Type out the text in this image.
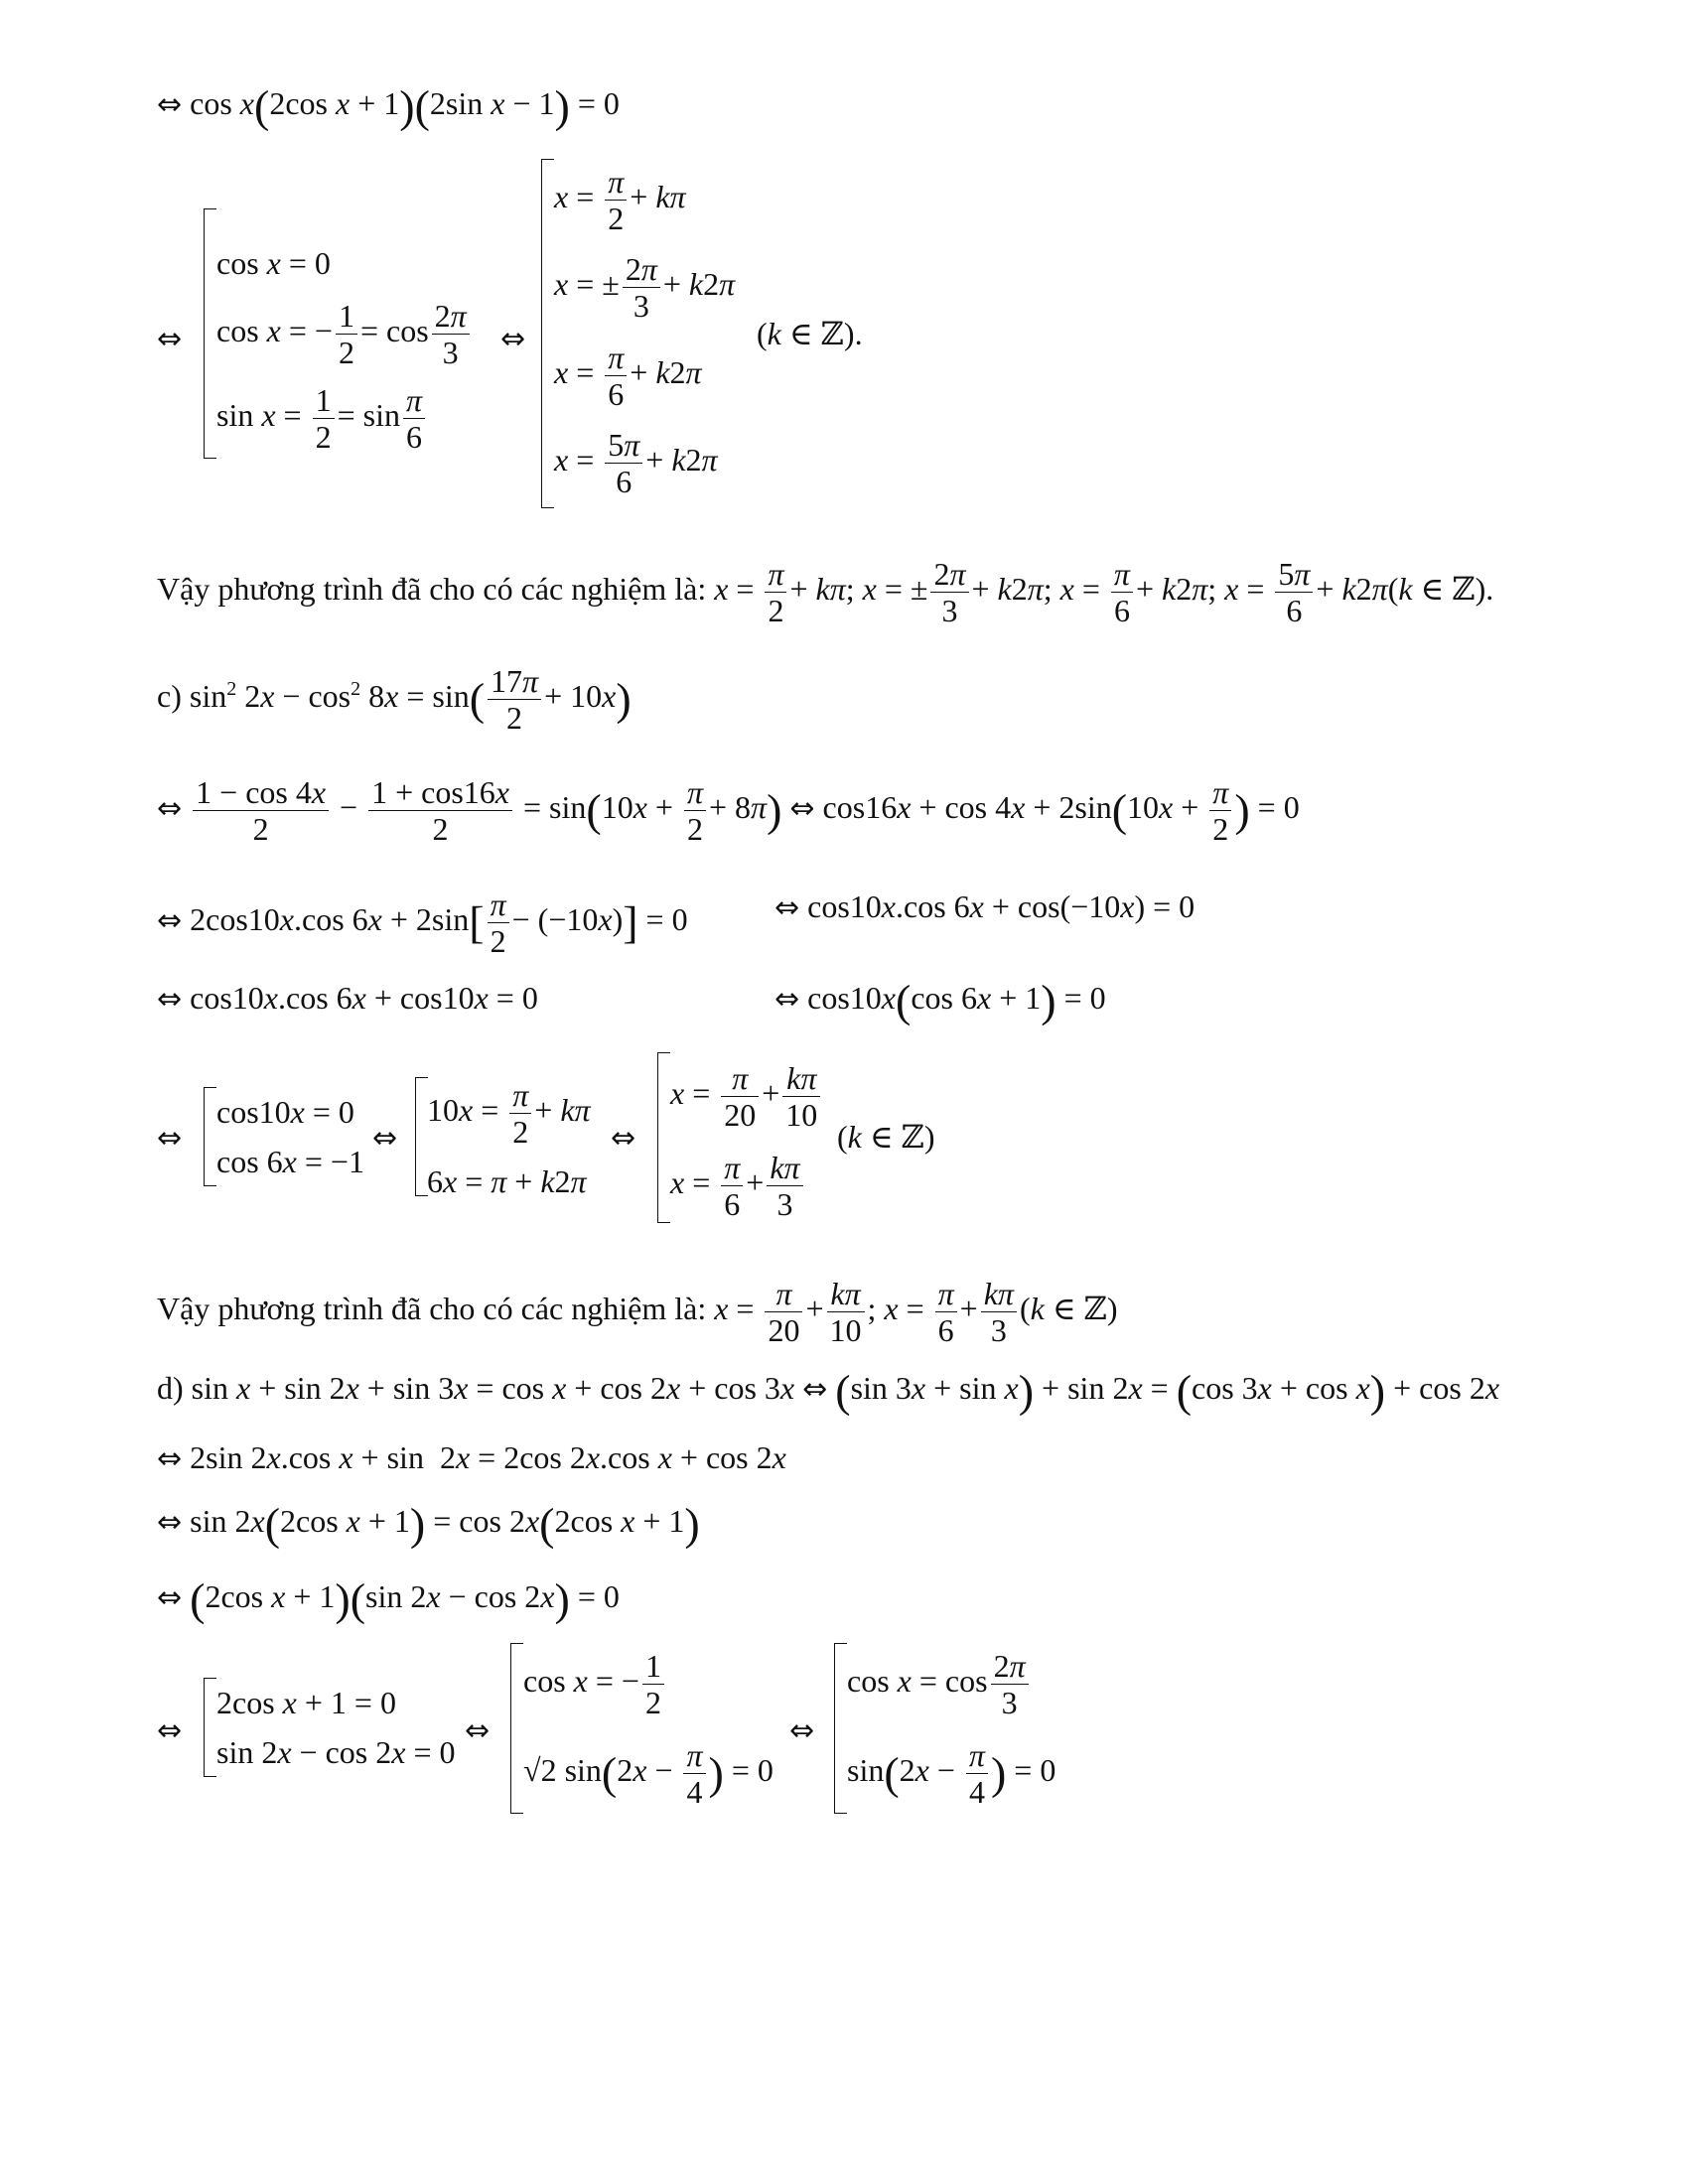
⇔ cos x(2cos x + 1)(2sin x − 1) = 0
⇔
cos x = 0
cos x = − $\frac{1}{2} = \cos \frac{2\pi}{3}$
$\sin x = \frac{1}{2} = \sin \frac{\pi}{6}$
⇔
$x = \frac{\pi}{2} + k\pi$
x = ± $\frac{2\pi}{3} + k2\pi$
$x = \frac{\pi}{6} + k2\pi$
$x = \frac{5\pi}{6} + k2\pi$
(k ∈ ℤ).
Vậy phương trình đã cho có các nghiệm là: $x = \frac{\pi}{2} + k\pi$; x = ± $\frac{2\pi}{3} + k2\pi$; $x = \frac{\pi}{6} + k2\pi$; $x = \frac{5\pi}{6} + k2\pi(k$ ∈ ℤ).
c) $\sin^2 2x - \cos^2 8x = \sin( \frac{17\pi}{2} + 10x)$
⇔ $\frac{1 - \cos 4x}{2} - \frac{1 + \cos 16x}{2} = \sin(10x + \frac{\pi}{2} + 8\pi)$ ⇔ $\cos 16x + \cos 4x + 2\sin(10x + \frac{\pi}{2}$ ) = 0
⇔ 2cos10x.cos $6x + 2\sin[ \frac{\pi}{2} - (-10x)] = 0$	⇔ cos10x.cos 6x + cos(−10x) = 0
⇔ cos10x.cos 6x + cos10x = 0	⇔ cos10x(cos 6x + 1) = 0
⇔
cos10x = 0
cos 6x = −1
⇔
$10x = \frac{\pi}{2} + k\pi$
6x = π + k2π
⇔
$x = \frac{\pi}{20} + \frac{k\pi}{10}$
$x = \frac{\pi}{6} + \frac{k\pi}{3}$
(k ∈ ℤ)
Vậy phương trình đã cho có các nghiệm là: $x = \frac{\pi}{20} + \frac{k\pi}{10}$ ; $x = \frac{\pi}{6} + \frac{k\pi}{3} (k$ ∈ ℤ)
d) sin x + sin 2x + sin 3x = cos x + cos 2x + cos 3x ⇔ (sin 3x + sin x) + sin 2x = (cos 3x + cos x) + cos 2x
⇔ 2sin 2x.cos x + sin  2x = 2cos 2x.cos x + cos 2x
⇔ sin 2x(2cos x + 1) = cos 2x(2cos x + 1)
⇔ (2cos x + 1)(sin 2x − cos 2x) = 0
⇔
2cos x + 1 = 0
sin 2x − cos 2x = 0
⇔
cos x = − $\frac{1}{2}$
√2 $\sin(2x - \frac{\pi}{4}$ ) = 0
⇔
$\cos x = \cos \frac{2\pi}{3}$
$\sin(2x - \frac{\pi}{4}$ ) = 0
